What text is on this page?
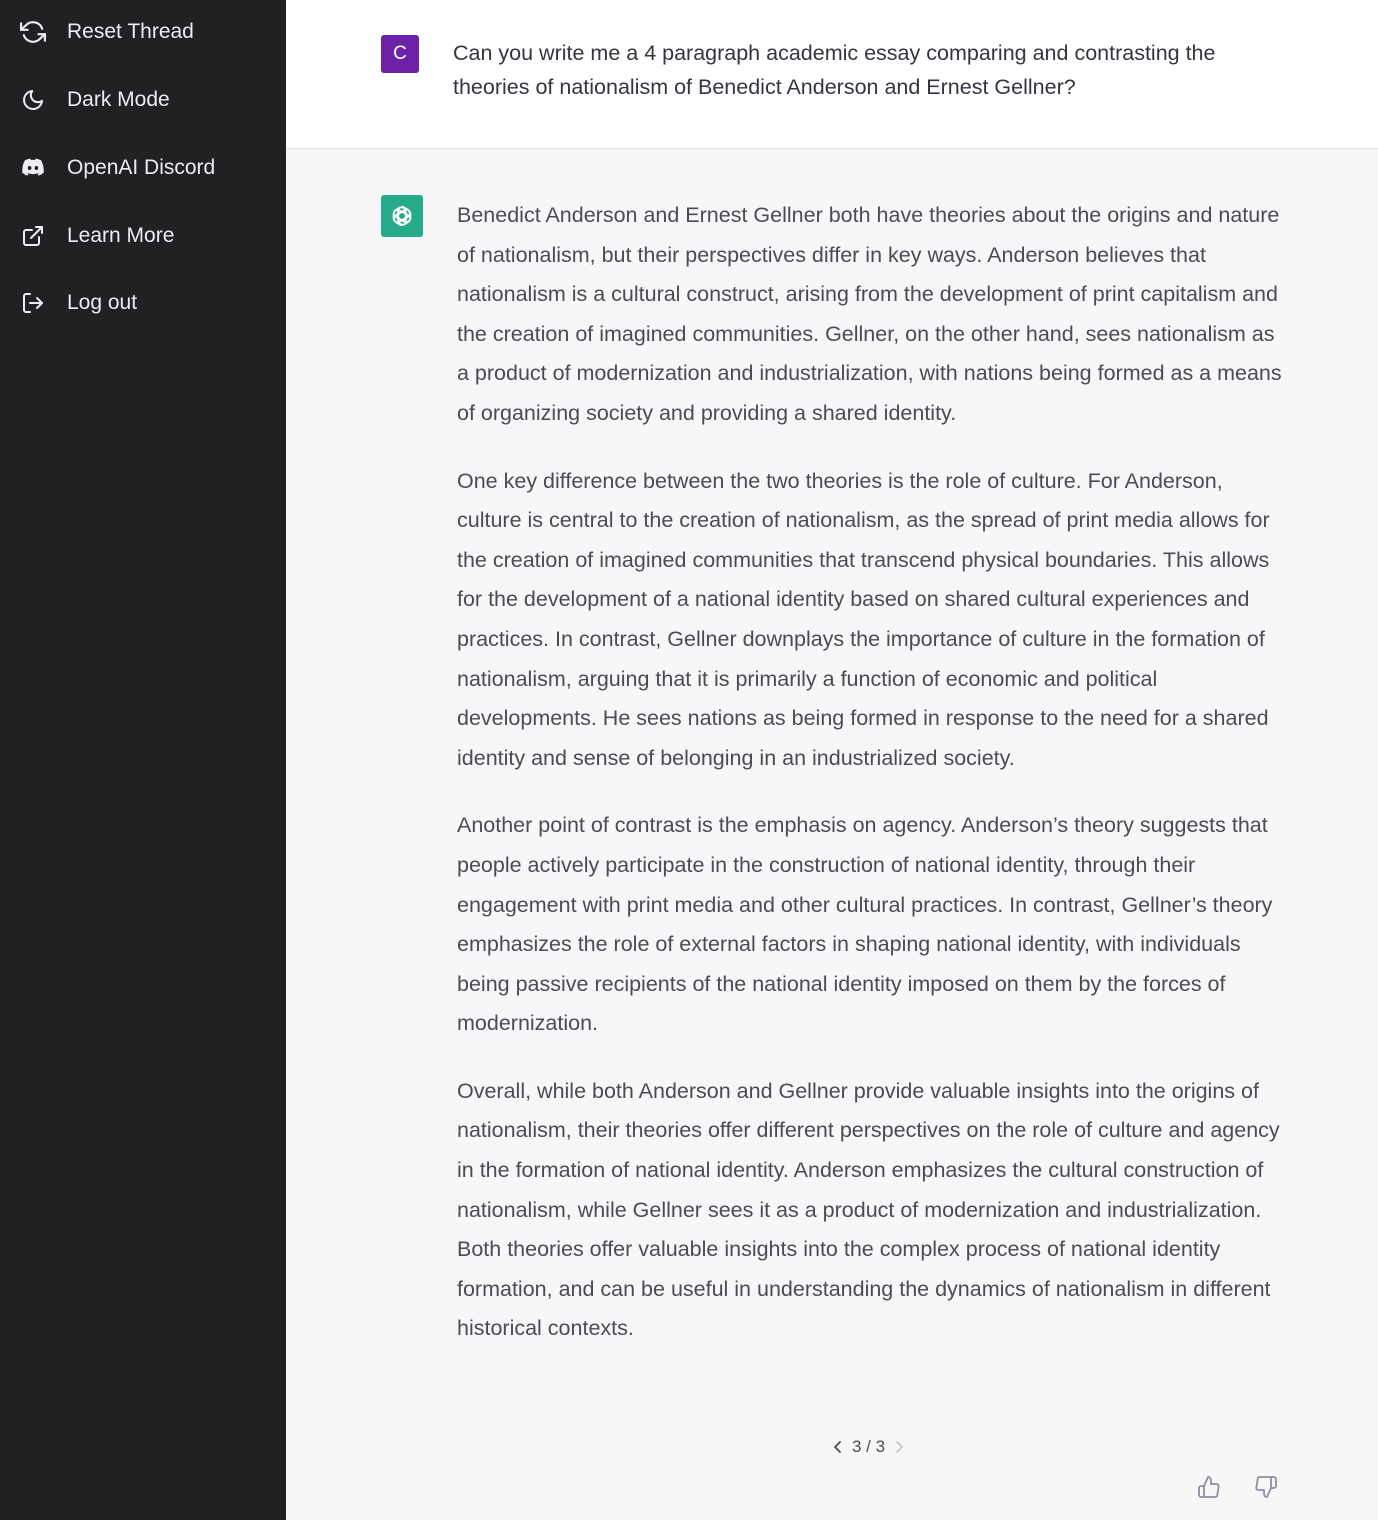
Reset Thread
Dark Mode
OpenAI Discord
Learn More
Log out
C Can you write me a 4 paragraph academic essay comparing and contrasting the theories of nationalism of Benedict Anderson and Ernest Gellner?

Benedict Anderson and Ernest Gellner both have theories about the origins and nature of nationalism, but their perspectives differ in key ways. Anderson believes that nationalism is a cultural construct, arising from the development of print capitalism and the creation of imagined communities. Gellner, on the other hand, sees nationalism as a product of modernization and industrialization, with nations being formed as a means of organizing society and providing a shared identity.

One key difference between the two theories is the role of culture. For Anderson, culture is central to the creation of nationalism, as the spread of print media allows for the creation of imagined communities that transcend physical boundaries. This allows for the development of a national identity based on shared cultural experiences and practices. In contrast, Gellner downplays the importance of culture in the formation of nationalism, arguing that it is primarily a function of economic and political developments. He sees nations as being formed in response to the need for a shared identity and sense of belonging in an industrialized society.

Another point of contrast is the emphasis on agency. Anderson’s theory suggests that people actively participate in the construction of national identity, through their engagement with print media and other cultural practices. In contrast, Gellner’s theory emphasizes the role of external factors in shaping national identity, with individuals being passive recipients of the national identity imposed on them by the forces of modernization.

Overall, while both Anderson and Gellner provide valuable insights into the origins of nationalism, their theories offer different perspectives on the role of culture and agency in the formation of national identity. Anderson emphasizes the cultural construction of nationalism, while Gellner sees it as a product of modernization and industrialization. Both theories offer valuable insights into the complex process of national identity formation, and can be useful in understanding the dynamics of nationalism in different historical contexts.

3 / 3
